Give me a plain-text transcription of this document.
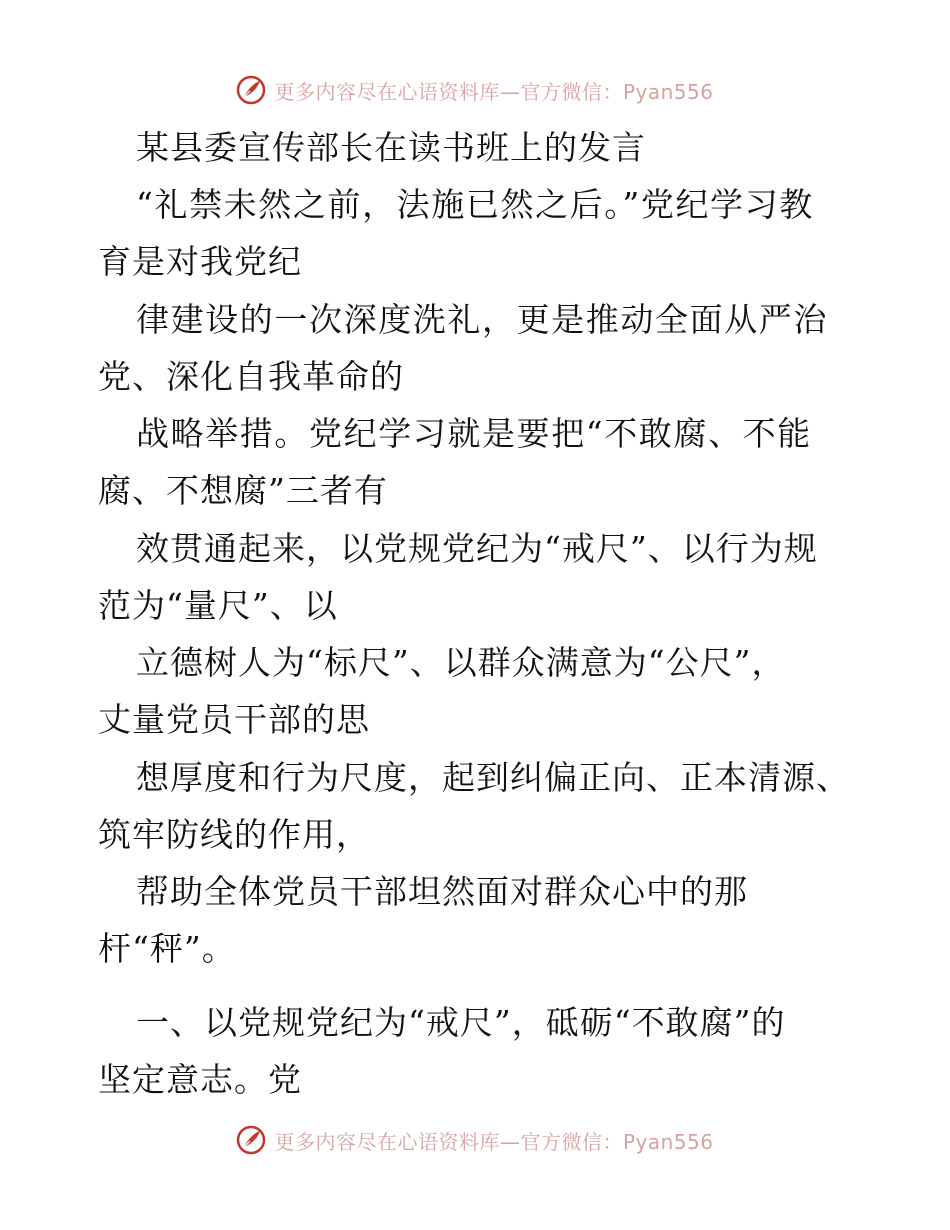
更多内容尽在心语资料库—官方微信：Pyan556
某县委宣传部长在读书班上的发言
“礼禁未然之前，法施已然之后。”党纪学习教
育是对我党纪
律建设的一次深度洗礼，更是推动全面从严治
党、深化自我革命的
战略举措。党纪学习就是要把“不敢腐、不能
腐、不想腐”三者有
效贯通起来，以党规党纪为“戒尺”、以行为规
范为“量尺”、以
立德树人为“标尺”、以群众满意为“公尺”，
丈量党员干部的思
想厚度和行为尺度，起到纠偏正向、正本清源、
筑牢防线的作用，
帮助全体党员干部坦然面对群众心中的那
杆“秤”。
一、以党规党纪为“戒尺”，砥砺“不敢腐”的
坚定意志。党
更多内容尽在心语资料库—官方微信：Pyan556
